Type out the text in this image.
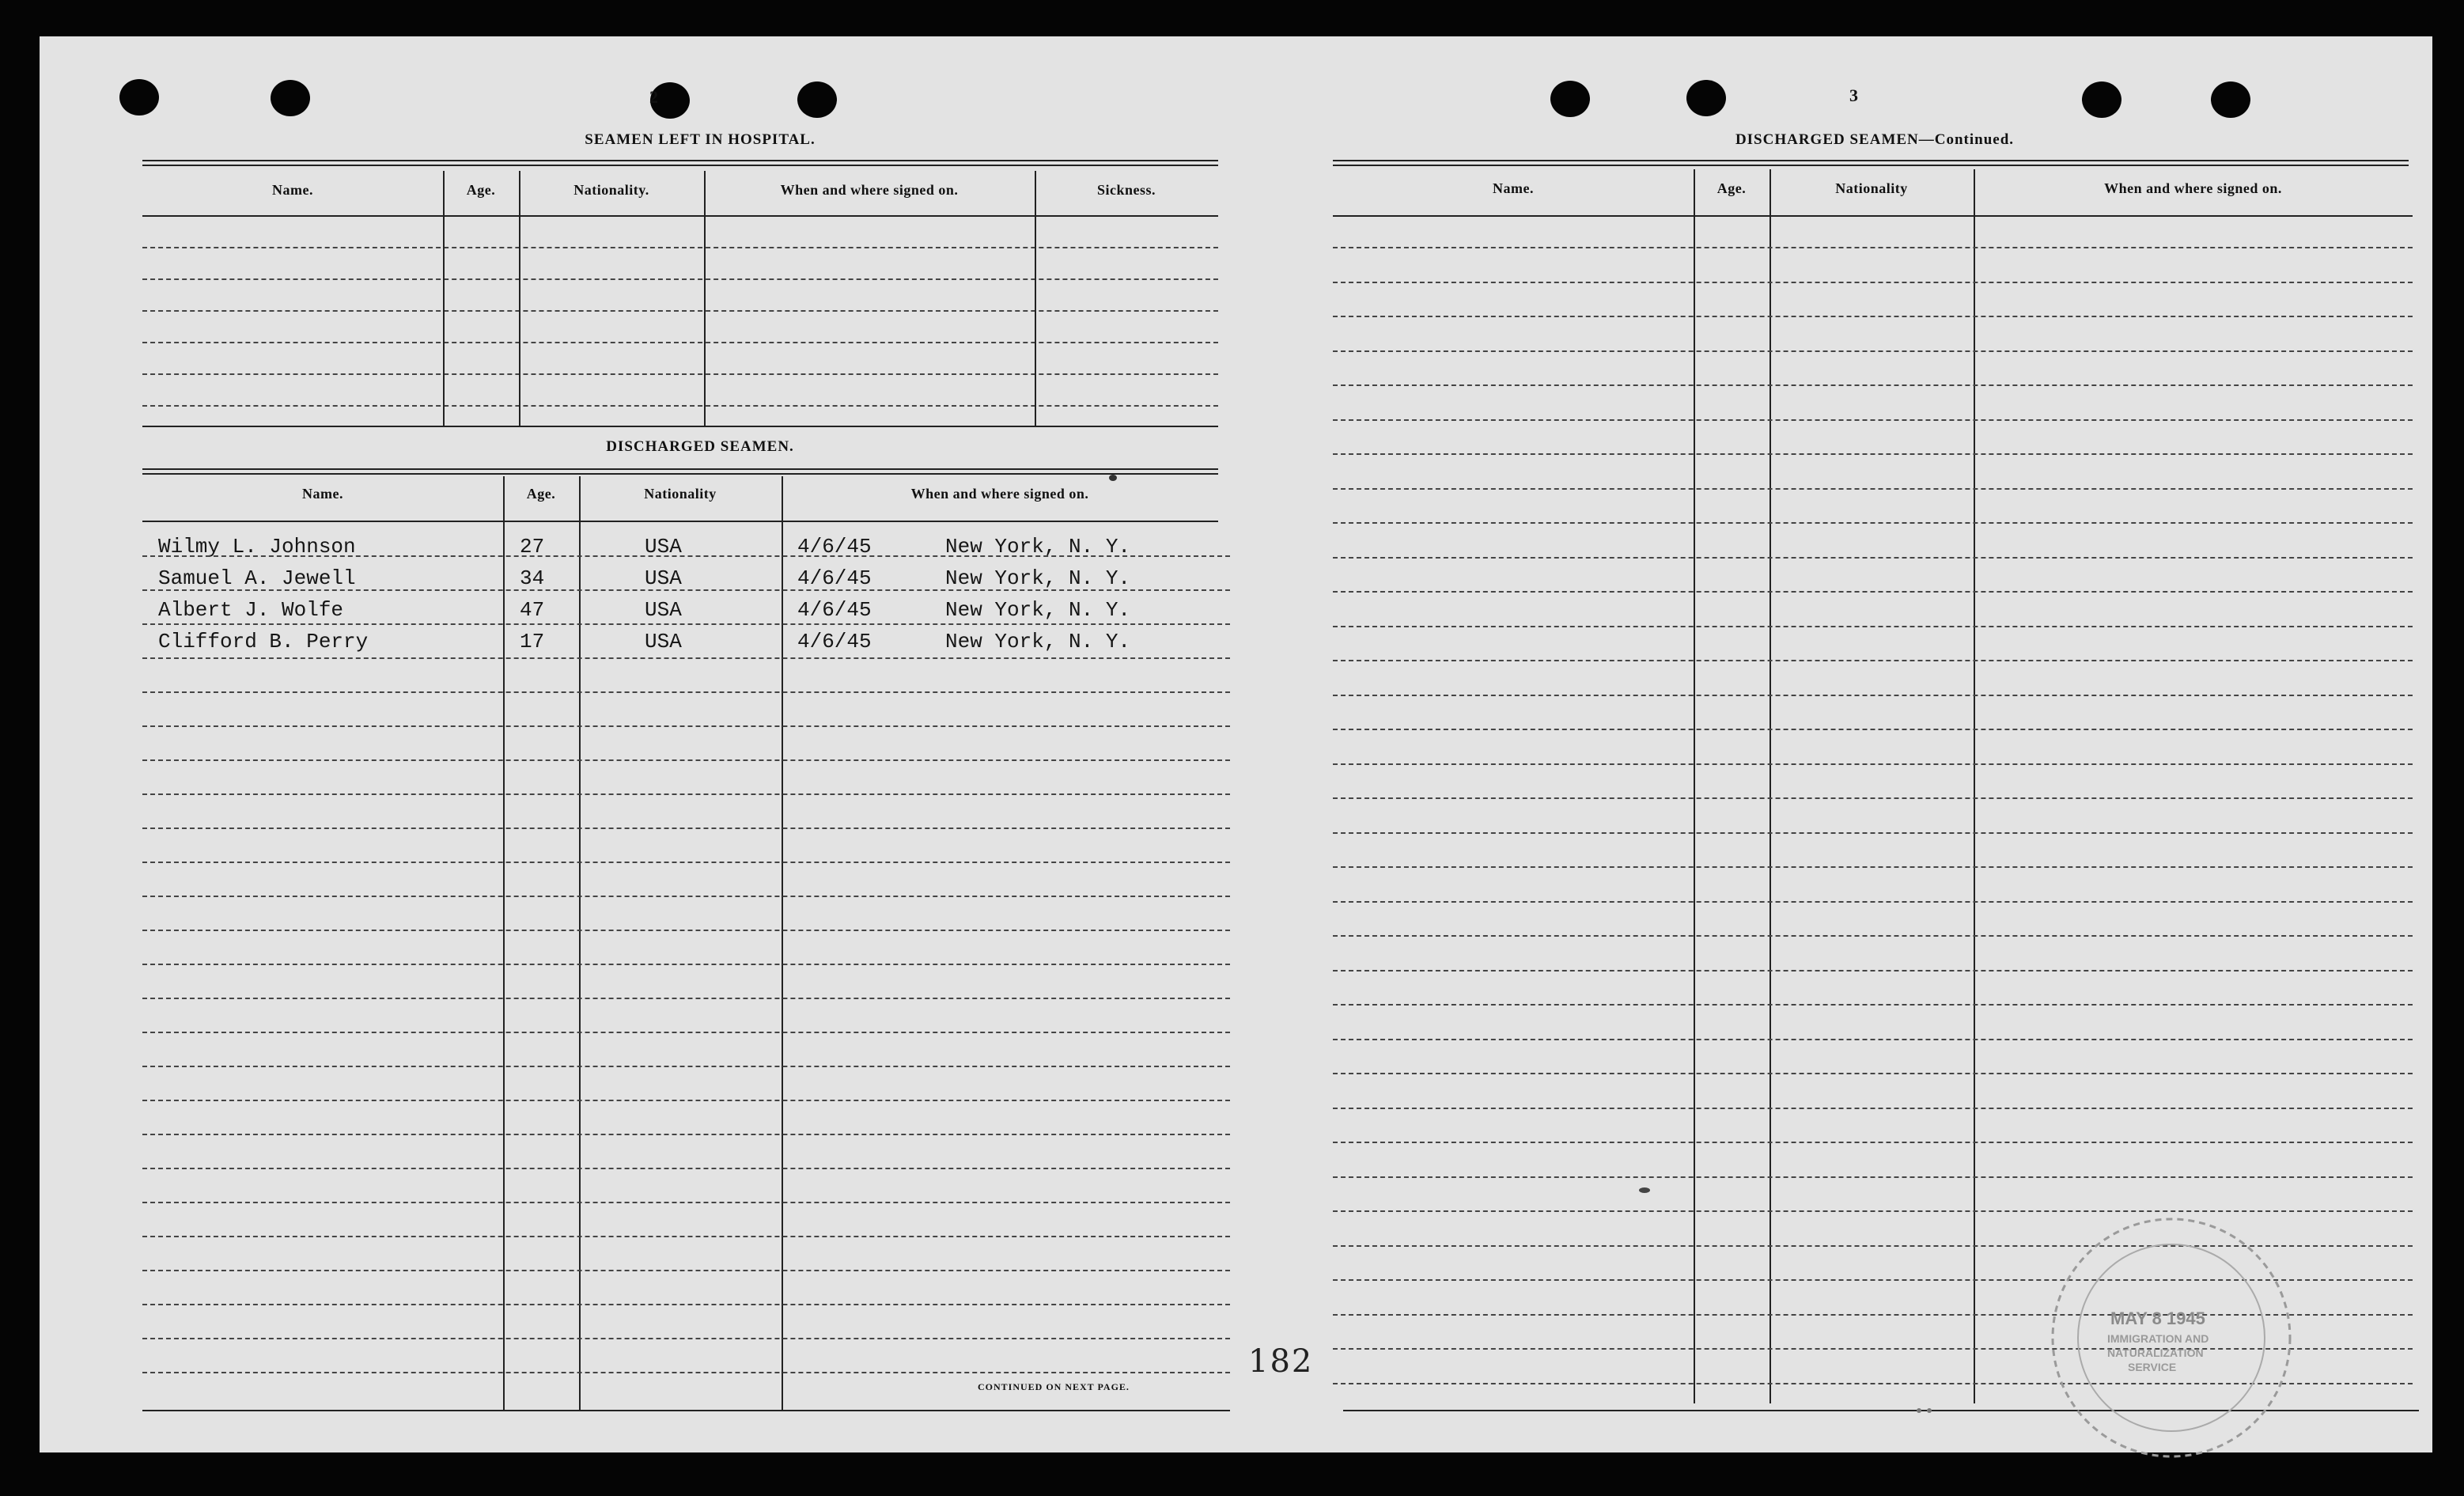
2
SEAMEN LEFT IN HOSPITAL.
Name.	Age.	Nationality.	When and where signed on.	Sickness.
DISCHARGED SEAMEN.
Name.	Age.	Nationality	When and where signed on.
Wilmy L. Johnson	27	USA	4/6/45	New York, N. Y.
Samuel A. Jewell	34	USA	4/6/45	New York, N. Y.
Albert J. Wolfe	47	USA	4/6/45	New York, N. Y.
Clifford B. Perry	17	USA	4/6/45	New York, N. Y.
CONTINUED ON NEXT PAGE.
182
3
DISCHARGED SEAMEN—Continued.
Name.	Age.	Nationality	When and where signed on.
MAY 8 1945
IMMIGRATION AND
NATURALIZATION
SERVICE
